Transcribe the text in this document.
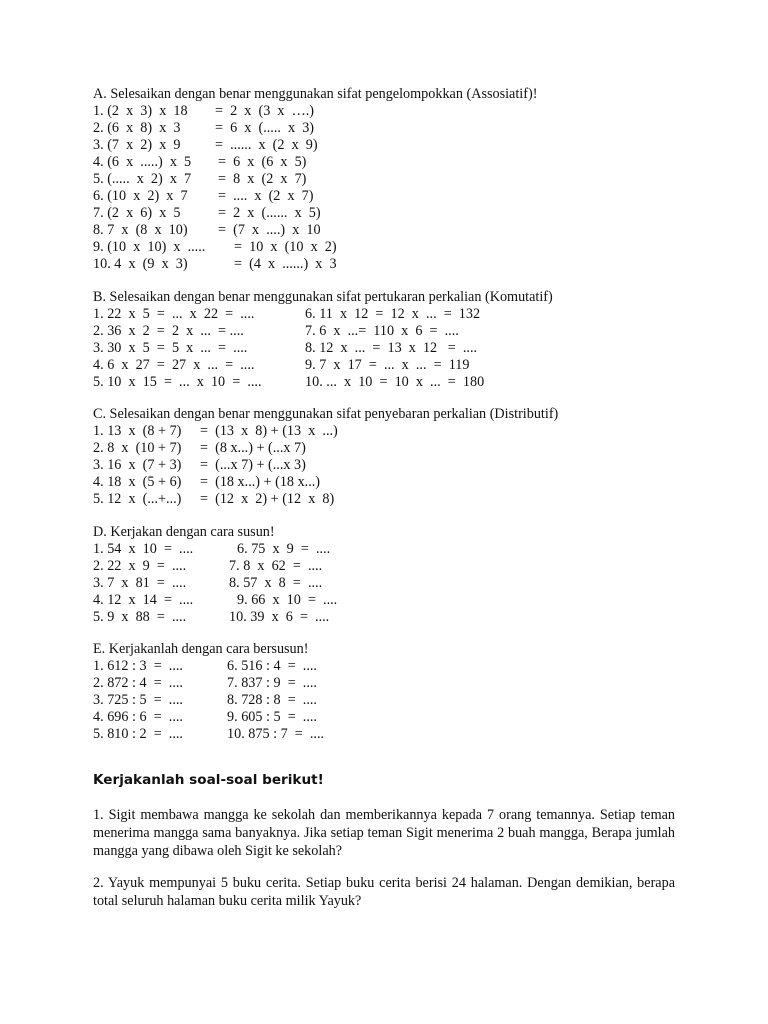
A. Selesaikan dengan benar menggunakan sifat pengelompokkan (Assosiatif)!
1. (2  x  3)  x  18 =  2  x  (3  x  ….)
2. (6  x  8)  x  3 =  6  x  (.....  x  3)
3. (7  x  2)  x  9 =  ......  x  (2  x  9)
4. (6  x  .....)  x  5 =  6  x  (6  x  5)
5. (.....  x  2)  x  7 =  8  x  (2  x  7)
6. (10  x  2)  x  7 =  ....  x  (2  x  7)
7. (2  x  6)  x  5	=  2  x  (......  x  5)
8. 7  x  (8  x  10) =  (7  x  ....)  x  10
9. (10  x  10)  x  ..... =  10  x  (10  x  2)
10. 4  x  (9  x  3)	=  (4  x  ......)  x  3
B. Selesaikan dengan benar menggunakan sifat pertukaran perkalian (Komutatif)
1. 22  x  5  =  ...  x  22  =  ....	6. 11  x  12  =  12  x  ...  =  132
2. 36  x  2  =  2  x  ...  = ....	7. 6  x  ...=  110  x  6  =  ....
3. 30  x  5  =  5  x  ...  =  ....	8. 12  x  ...  =  13  x  12   =  ....
4. 6  x  27  =  27  x  ...  =  ....	9. 7  x  17  =  ...  x  ...  =  119
5. 10  x  15  =  ...  x  10  =  ....	10. ...  x  10  =  10  x  ...  =  180
C. Selesaikan dengan benar menggunakan sifat penyebaran perkalian (Distributif)
1. 13  x  (8 + 7) =  (13  x  8) + (13  x  ...)
2. 8  x  (10 + 7) =  (8 x...) + (...x 7)
3. 16  x  (7 + 3) =  (...x 7) + (...x 3)
4. 18  x  (5 + 6) =  (18 x...) + (18 x...)
5. 12  x  (...+...) =  (12  x  2) + (12  x  8)
D. Kerjakan dengan cara susun!
1. 54  x  10  =  ....	6. 75  x  9  =  ....
2. 22  x  9  =  ....	7. 8  x  62  =  ....
3. 7  x  81  =  ....	8. 57  x  8  =  ....
4. 12  x  14  =  ....	9. 66  x  10  =  ....
5. 9  x  88  =  ....	10. 39  x  6  =  ....
E. Kerjakanlah dengan cara bersusun!
1. 612 : 3  =  ....	6. 516 : 4  =  ....
2. 872 : 4  =  ....	7. 837 : 9  =  ....
3. 725 : 5  =  ....	8. 728 : 8  =  ....
4. 696 : 6  =  ....	9. 605 : 5  =  ....
5. 810 : 2  =  ....	10. 875 : 7  =  ....
Kerjakanlah soal-soal berikut!
1. Sigit membawa mangga ke sekolah dan memberikannya kepada 7 orang temannya. Setiap teman menerima mangga sama banyaknya. Jika setiap teman Sigit menerima 2 buah mangga, Berapa jumlah mangga yang dibawa oleh Sigit ke sekolah?
2. Yayuk mempunyai 5 buku cerita. Setiap buku cerita berisi 24 halaman. Dengan demikian, berapa total seluruh halaman buku cerita milik Yayuk?
